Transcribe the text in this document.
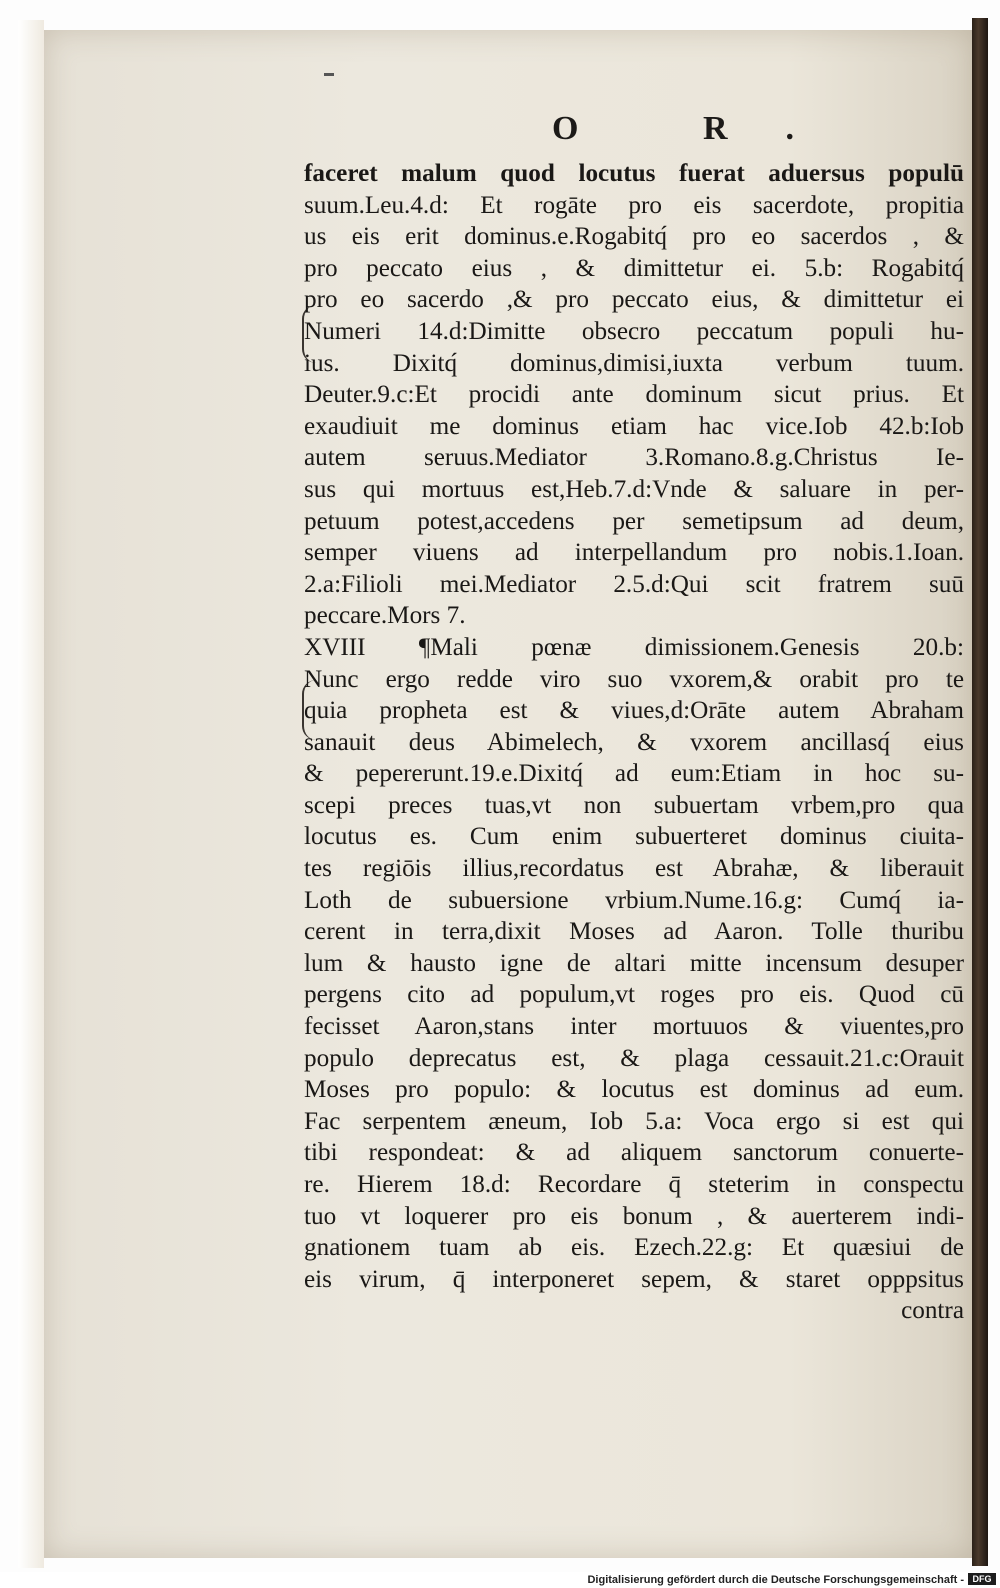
O R.
faceret malum quod locutus fuerat aduersus populū
suum.Leu.4.d: Et rogāte pro eis sacerdote, propitia
us eis erit dominus.e.Rogabitq́ pro eo sacerdos , &
pro peccato eius , & dimittetur ei. 5.b: Rogabitq́
pro eo sacerdo ,& pro peccato eius, & dimittetur ei
Numeri 14.d:Dimitte obsecro peccatum populi hu-
ius. Dixitq́ dominus,dimisi,iuxta verbum tuum.
Deuter.9.c:Et procidi ante dominum sicut prius. Et
exaudiuit me dominus etiam hac vice.Iob 42.b:Iob
autem seruus.Mediator 3.Romano.8.g.Christus Ie-
sus qui mortuus est,Heb.7.d:Vnde & saluare in per-
petuum potest,accedens per semetipsum ad deum,
semper viuens ad interpellandum pro nobis.1.Ioan.
2.a:Filioli mei.Mediator 2.5.d:Qui scit fratrem suū
peccare.Mors 7.
XVIII ¶Mali pœnæ dimissionem.Genesis 20.b:
Nunc ergo redde viro suo vxorem,& orabit pro te
quia propheta est & viues,d:Orāte autem Abraham
sanauit deus Abimelech, & vxorem ancillasq́ eius
& pepererunt.19.e.Dixitq́ ad eum:Etiam in hoc su-
scepi preces tuas,vt non subuertam vrbem,pro qua
locutus es. Cum enim subuerteret dominus ciuita-
tes regiōis illius,recordatus est Abrahæ, & liberauit
Loth de subuersione vrbium.Nume.16.g: Cumq́ ia-
cerent in terra,dixit Moses ad Aaron. Tolle thuribu
lum & hausto igne de altari mitte incensum desuper
pergens cito ad populum,vt roges pro eis. Quod cū
fecisset Aaron,stans inter mortuuos & viuentes,pro
populo deprecatus est, & plaga cessauit.21.c:Orauit
Moses pro populo: & locutus est dominus ad eum.
Fac serpentem æneum, Iob 5.a: Voca ergo si est qui
tibi respondeat: & ad aliquem sanctorum conuerte-
re. Hierem 18.d: Recordare q̄ steterim in conspectu
tuo vt loquerer pro eis bonum , & auerterem indi-
gnationem tuam ab eis. Ezech.22.g: Et quæsiui de
eis virum, q̄ interponeret sepem, & staret opppsitus
contra
Digitalisierung gefördert durch die Deutsche Forschungsgemeinschaft - DFG
